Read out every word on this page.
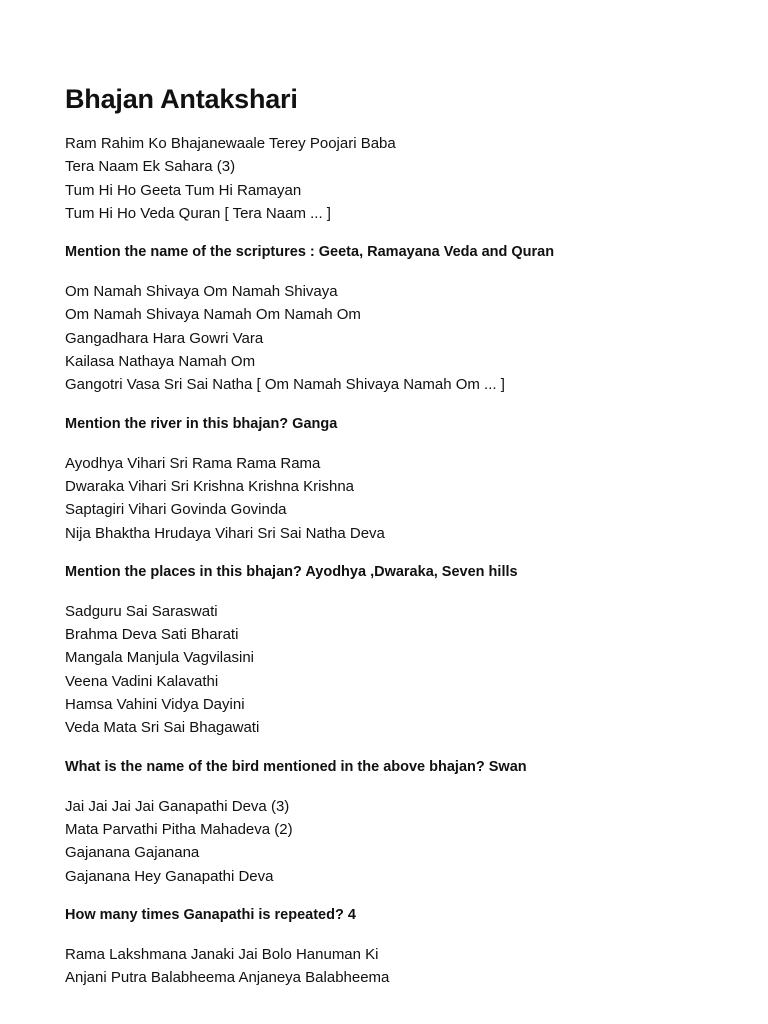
Bhajan Antakshari
Ram Rahim Ko Bhajanewaale Terey Poojari Baba
Tera Naam Ek Sahara (3)
Tum Hi Ho Geeta Tum Hi Ramayan
Tum Hi Ho Veda Quran [ Tera Naam ... ]
Mention the name of the scriptures : Geeta, Ramayana Veda and Quran
Om Namah Shivaya Om Namah Shivaya
Om Namah Shivaya Namah Om Namah Om
Gangadhara Hara Gowri Vara
Kailasa Nathaya Namah Om
Gangotri Vasa Sri Sai Natha [ Om Namah Shivaya Namah Om ... ]
Mention the river in this bhajan? Ganga
Ayodhya Vihari Sri Rama Rama Rama
Dwaraka Vihari Sri Krishna Krishna Krishna
Saptagiri Vihari Govinda Govinda
Nija Bhaktha Hrudaya Vihari Sri Sai Natha Deva
Mention the places in this bhajan? Ayodhya ,Dwaraka, Seven hills
Sadguru Sai Saraswati
Brahma Deva Sati Bharati
Mangala Manjula Vagvilasini
Veena Vadini Kalavathi
Hamsa Vahini Vidya Dayini
Veda Mata Sri Sai Bhagawati
What is the name of the bird mentioned in the above bhajan? Swan
Jai Jai Jai Jai Ganapathi Deva (3)
Mata Parvathi Pitha Mahadeva (2)
Gajanana Gajanana
Gajanana Hey Ganapathi Deva
How many times Ganapathi is repeated? 4
Rama Lakshmana Janaki Jai Bolo Hanuman Ki
Anjani Putra Balabheema Anjaneya Balabheema
